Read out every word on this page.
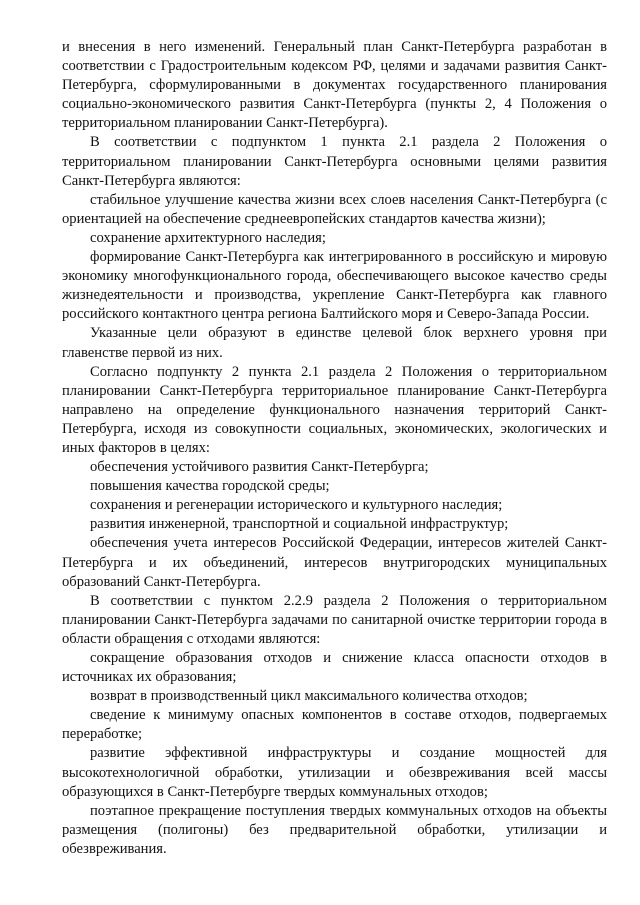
и внесения в него изменений. Генеральный план Санкт-Петербурга разработан в соответствии с Градостроительным кодексом РФ, целями и задачами развития Санкт-Петербурга, сформулированными в документах государственного планирования социально-экономического развития Санкт-Петербурга (пункты 2, 4 Положения о территориальном планировании Санкт-Петербурга).

В соответствии с подпунктом 1 пункта 2.1 раздела 2 Положения о территориальном планировании Санкт-Петербурга основными целями развития Санкт-Петербурга являются:

стабильное улучшение качества жизни всех слоев населения Санкт-Петербурга (с ориентацией на обеспечение среднеевропейских стандартов качества жизни);

сохранение архитектурного наследия;

формирование Санкт-Петербурга как интегрированного в российскую и мировую экономику многофункционального города, обеспечивающего высокое качество среды жизнедеятельности и производства, укрепление Санкт-Петербурга как главного российского контактного центра региона Балтийского моря и Северо-Запада России.

Указанные цели образуют в единстве целевой блок верхнего уровня при главенстве первой из них.

Согласно подпункту 2 пункта 2.1 раздела 2 Положения о территориальном планировании Санкт-Петербурга территориальное планирование Санкт-Петербурга направлено на определение функционального назначения территорий Санкт-Петербурга, исходя из совокупности социальных, экономических, экологических и иных факторов в целях:

обеспечения устойчивого развития Санкт-Петербурга;

повышения качества городской среды;

сохранения и регенерации исторического и культурного наследия;

развития инженерной, транспортной и социальной инфраструктур;

обеспечения учета интересов Российской Федерации, интересов жителей Санкт-Петербурга и их объединений, интересов внутригородских муниципальных образований Санкт-Петербурга.

В соответствии с пунктом 2.2.9 раздела 2 Положения о территориальном планировании Санкт-Петербурга задачами по санитарной очистке территории города в области обращения с отходами являются:

сокращение образования отходов и снижение класса опасности отходов в источниках их образования;

возврат в производственный цикл максимального количества отходов;

сведение к минимуму опасных компонентов в составе отходов, подвергаемых переработке;

развитие эффективной инфраструктуры и создание мощностей для высокотехнологичной обработки, утилизации и обезвреживания всей массы образующихся в Санкт-Петербурге твердых коммунальных отходов;

поэтапное прекращение поступления твердых коммунальных отходов на объекты размещения (полигоны) без предварительной обработки, утилизации и обезвреживания.
